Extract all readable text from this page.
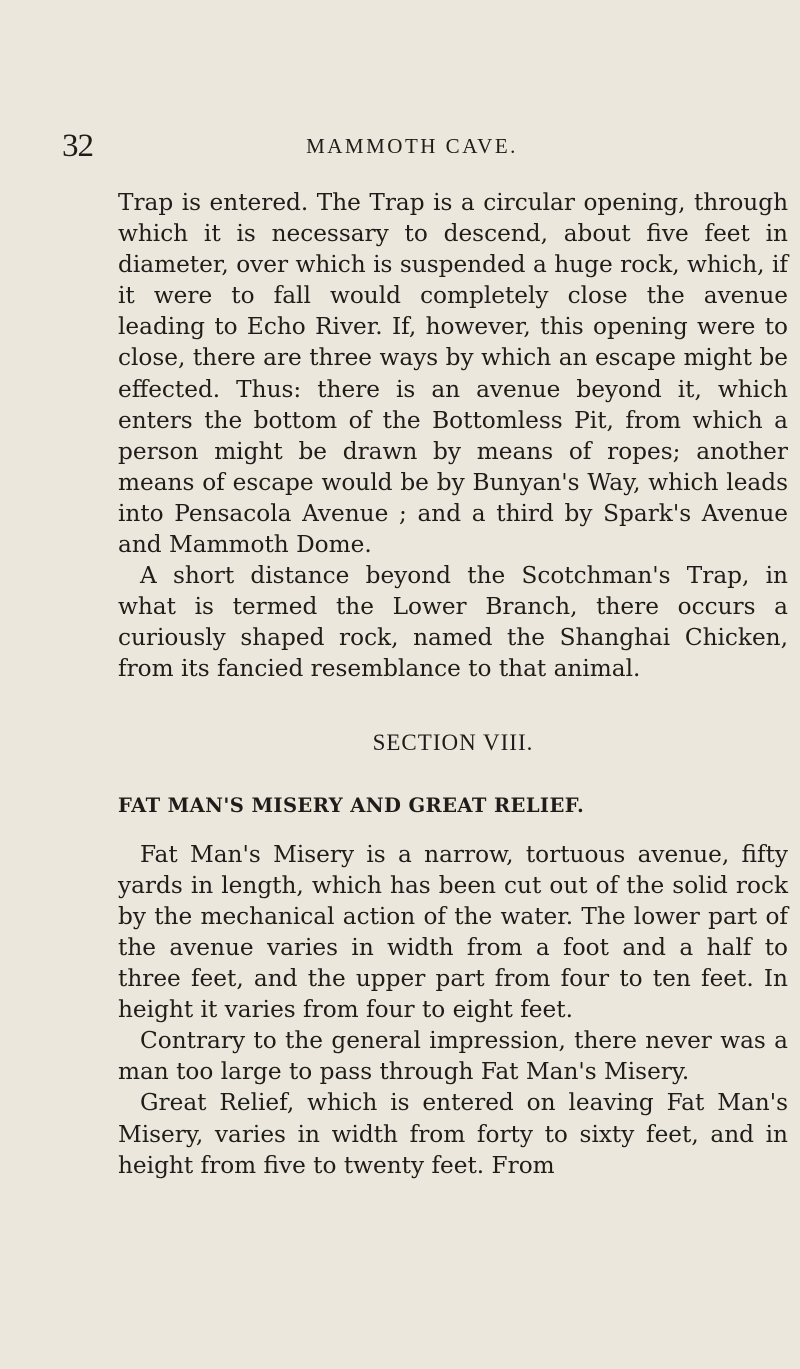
32	MAMMOTH CAVE.

Trap is entered. The Trap is a circular opening, through which it is necessary to descend, about five feet in diameter, over which is suspended a huge rock, which, if it were to fall would completely close the avenue leading to Echo River. If, however, this opening were to close, there are three ways by which an escape might be effected. Thus: there is an avenue beyond it, which enters the bottom of the Bottomless Pit, from which a person might be drawn by means of ropes; another means of escape would be by Bunyan's Way, which leads into Pensacola Avenue ; and a third by Spark's Avenue and Mammoth Dome.

A short distance beyond the Scotchman's Trap, in what is termed the Lower Branch, there occurs a curiously shaped rock, named the Shanghai Chicken, from its fancied resemblance to that animal.

SECTION VIII.
FAT MAN'S MISERY AND GREAT RELIEF.

Fat Man's Misery is a narrow, tortuous avenue, fifty yards in length, which has been cut out of the solid rock by the mechanical action of the water. The lower part of the avenue varies in width from a foot and a half to three feet, and the upper part from four to ten feet. In height it varies from four to eight feet.

Contrary to the general impression, there never was a man too large to pass through Fat Man's Misery.

Great Relief, which is entered on leaving Fat Man's Misery, varies in width from forty to sixty feet, and in height from five to twenty feet. From
